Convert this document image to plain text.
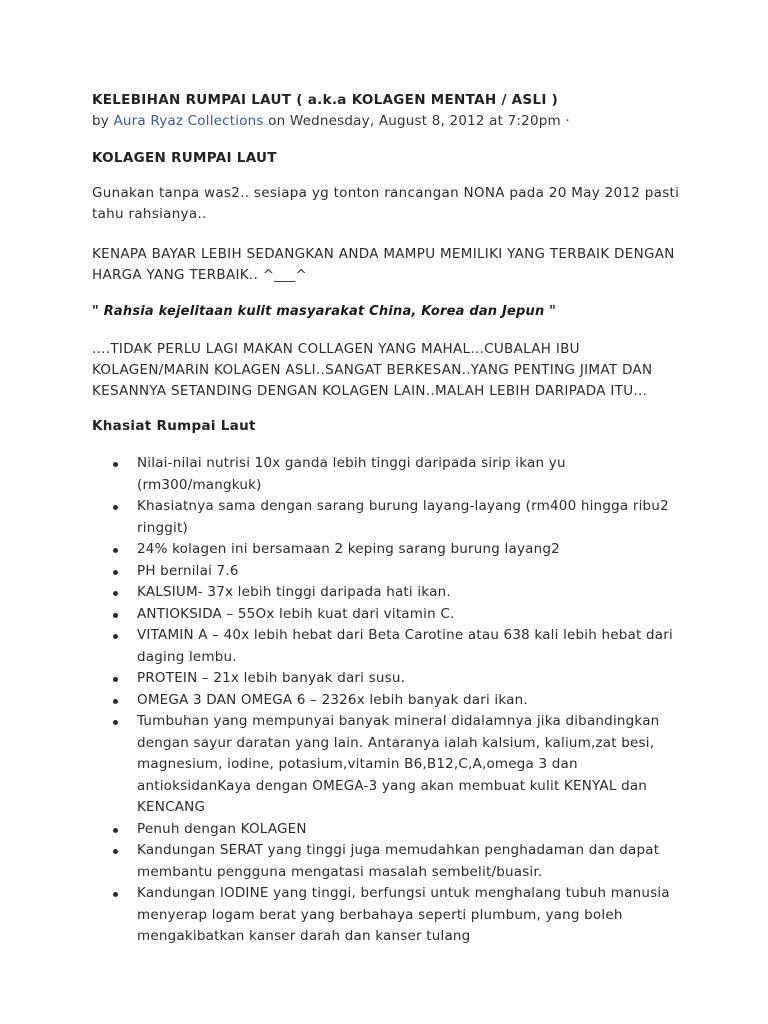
KELEBIHAN RUMPAI LAUT ( a.k.a KOLAGEN MENTAH / ASLI )
by Aura Ryaz Collections on Wednesday, August 8, 2012 at 7:20pm ·
KOLAGEN RUMPAI LAUT
Gunakan tanpa was2.. sesiapa yg tonton rancangan NONA pada 20 May 2012 pasti tahu rahsianya..
KENAPA BAYAR LEBIH SEDANGKAN ANDA MAMPU MEMILIKI YANG TERBAIK DENGAN HARGA YANG TERBAIK.. ^___^
" Rahsia kejelitaan kulit masyarakat China, Korea dan Jepun "
....TIDAK PERLU LAGI MAKAN COLLAGEN YANG MAHAL...CUBALAH IBU KOLAGEN/MARIN KOLAGEN ASLI..SANGAT BERKESAN..YANG PENTING JIMAT DAN KESANNYA SETANDING DENGAN KOLAGEN LAIN..MALAH LEBIH DARIPADA ITU...
Khasiat Rumpai Laut
Nilai-nilai nutrisi 10x ganda lebih tinggi daripada sirip ikan yu (rm300/mangkuk)
Khasiatnya sama dengan sarang burung layang-layang (rm400 hingga ribu2 ringgit)
24% kolagen ini bersamaan 2 keping sarang burung layang2
PH bernilai 7.6
KALSIUM- 37x lebih tinggi daripada hati ikan.
ANTIOKSIDA – 55Ox lebih kuat dari vitamin C.
VITAMIN A – 40x lebih hebat dari Beta Carotine atau 638 kali lebih hebat dari daging lembu.
PROTEIN – 21x lebih banyak dari susu.
OMEGA 3 DAN OMEGA 6 – 2326x lebih banyak dari ikan.
Tumbuhan yang mempunyai banyak mineral didalamnya jika dibandingkan dengan sayur daratan yang lain. Antaranya ialah kalsium, kalium,zat besi, magnesium, iodine, potasium,vitamin B6,B12,C,A,omega 3 dan antioksidanKaya dengan OMEGA-3 yang akan membuat kulit KENYAL dan KENCANG
Penuh dengan KOLAGEN
Kandungan SERAT yang tinggi juga memudahkan penghadaman dan dapat membantu pengguna mengatasi masalah sembelit/buasir.
Kandungan IODINE yang tinggi, berfungsi untuk menghalang tubuh manusia menyerap logam berat yang berbahaya seperti plumbum, yang boleh mengakibatkan kanser darah dan kanser tulang
